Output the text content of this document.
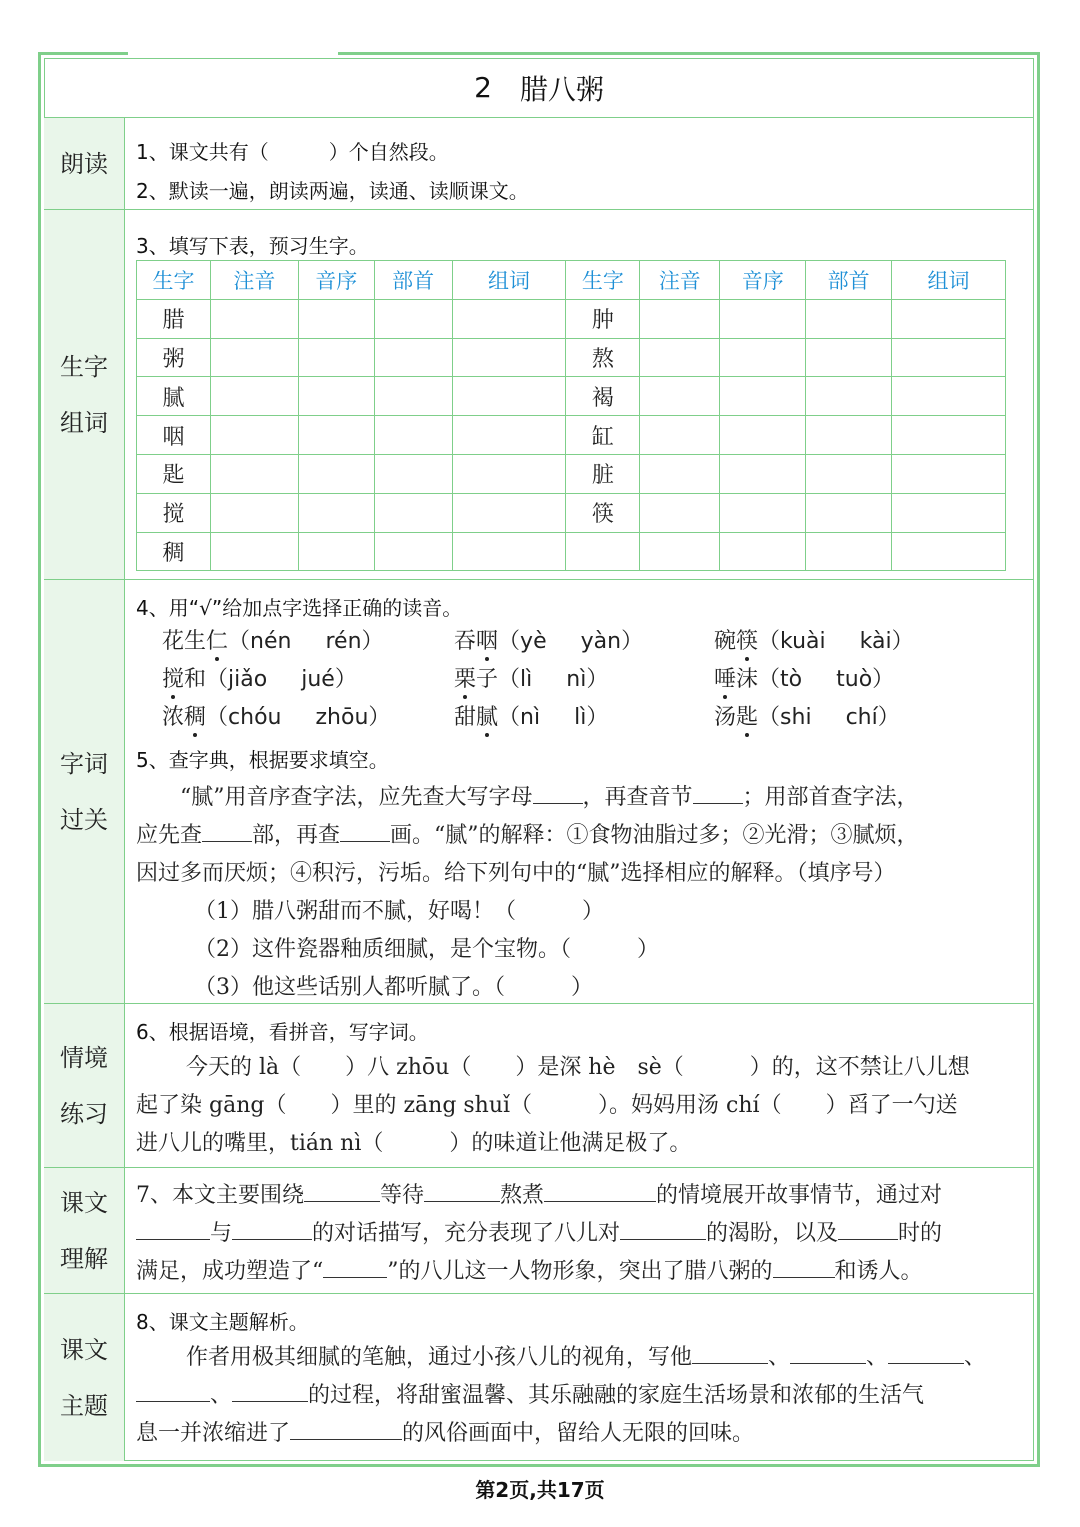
2 腊八粥
朗读 1、课文共有（　　　）个自然段。
2、默读一遍，朗读两遍，读通、读顺课文。
生字
组词
3、填写下表，预习生字。
生字	注音	音序	部首	组词	生字	注音	音序	部首	组词
腊					肿				
粥					熬				
腻					褐				
咽					缸				
匙					脏				
搅					筷				
稠									
字词
过关
4、用“√”给加点字选择正确的读音。
花生仁（nén rén）	吞咽（yè yàn）	碗筷（kuài kài）
搅和（jiǎo jué）	栗子（lì nì）	唾沫（tò tuò）
浓稠（chóu zhōu）	甜腻（nì lì）	汤匙（shi chí）
5、查字典，根据要求填空。
“腻”用音序查字法，应先查大写字母 ，再查音节 ；用部首查字法，
应先查 部，再查 画。“腻”的解释：①食物油脂过多；②光滑；③腻烦，
因过多而厌烦；④积污，污垢。给下列句中的“腻”选择相应的解释。（填序号）
（1）腊八粥甜而不腻，好喝！（　　　）
（2）这件瓷器釉质细腻，是个宝物。（　　　）
（3）他这些话别人都听腻了。（　　　）
情境
练习
6、根据语境，看拼音，写字词。
今天的 là（　　）八 zhōu（　　）是深 hè　sè（　　　）的，这不禁让八儿想
起了染 gāng（　　）里的 zāng shuǐ（　　　）。妈妈用汤 chí（　　）舀了一勺送
进八儿的嘴里，tián nì（　　　）的味道让他满足极了。
课文
理解
7、本文主要围绕	等待	熬煮	的情境展开故事情节，通过对
与	的对话描写，充分表现了八儿对	的渴盼，以及	时的
满足，成功塑造了“	”的八儿这一人物形象，突出了腊八粥的	和诱人。
课文
主题
8、课文主题解析。
作者用极其细腻的笔触，通过小孩八儿的视角，写他	、	、	、
、	的过程，将甜蜜温馨、其乐融融的家庭生活场景和浓郁的生活气
息一并浓缩进了	的风俗画面中，留给人无限的回味。
第2页,共17页
